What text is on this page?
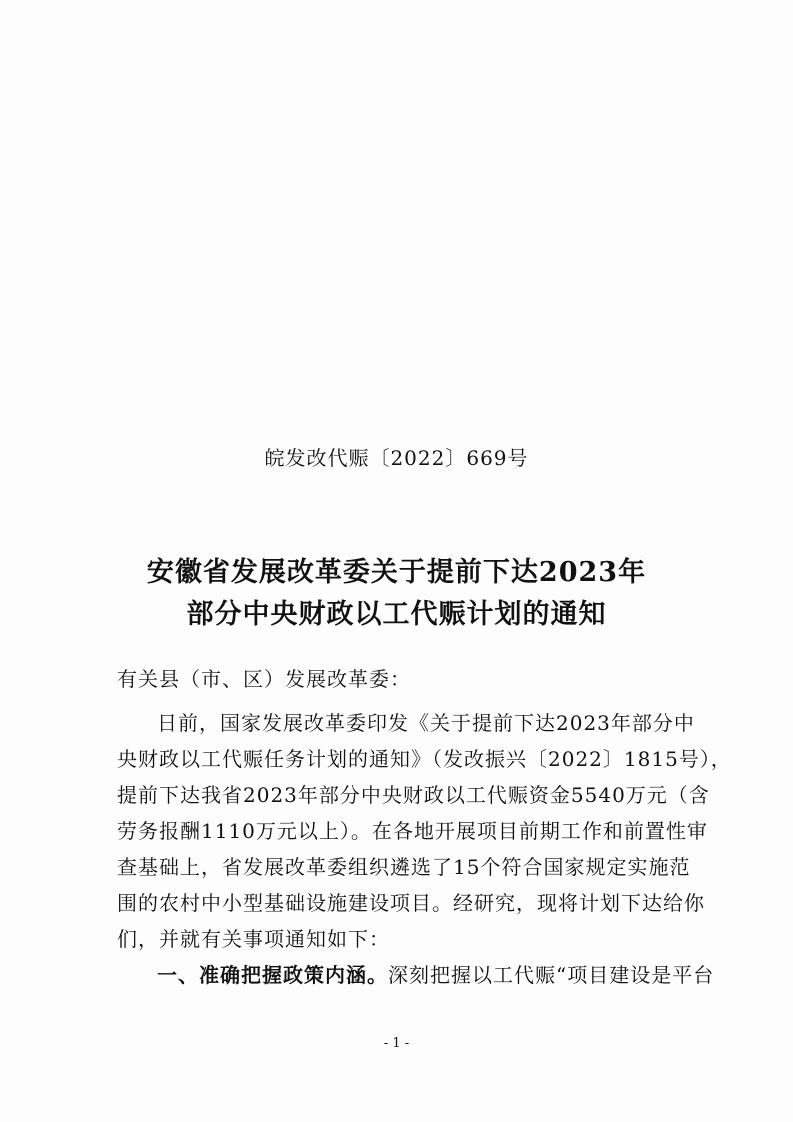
皖发改代赈〔2022〕669号
安徽省发展改革委关于提前下达2023年
部分中央财政以工代赈计划的通知
有关县（市、区）发展改革委：
日前，国家发展改革委印发《关于提前下达2023年部分中
央财政以工代赈任务计划的通知》（发改振兴〔2022〕1815号），
提前下达我省2023年部分中央财政以工代赈资金5540万元（含
劳务报酬1110万元以上）。在各地开展项目前期工作和前置性审
查基础上，省发展改革委组织遴选了15个符合国家规定实施范
围的农村中小型基础设施建设项目。经研究，现将计划下达给你
们，并就有关事项通知如下：
一、准确把握政策内涵。深刻把握以工代赈“项目建设是平台
- 1 -
